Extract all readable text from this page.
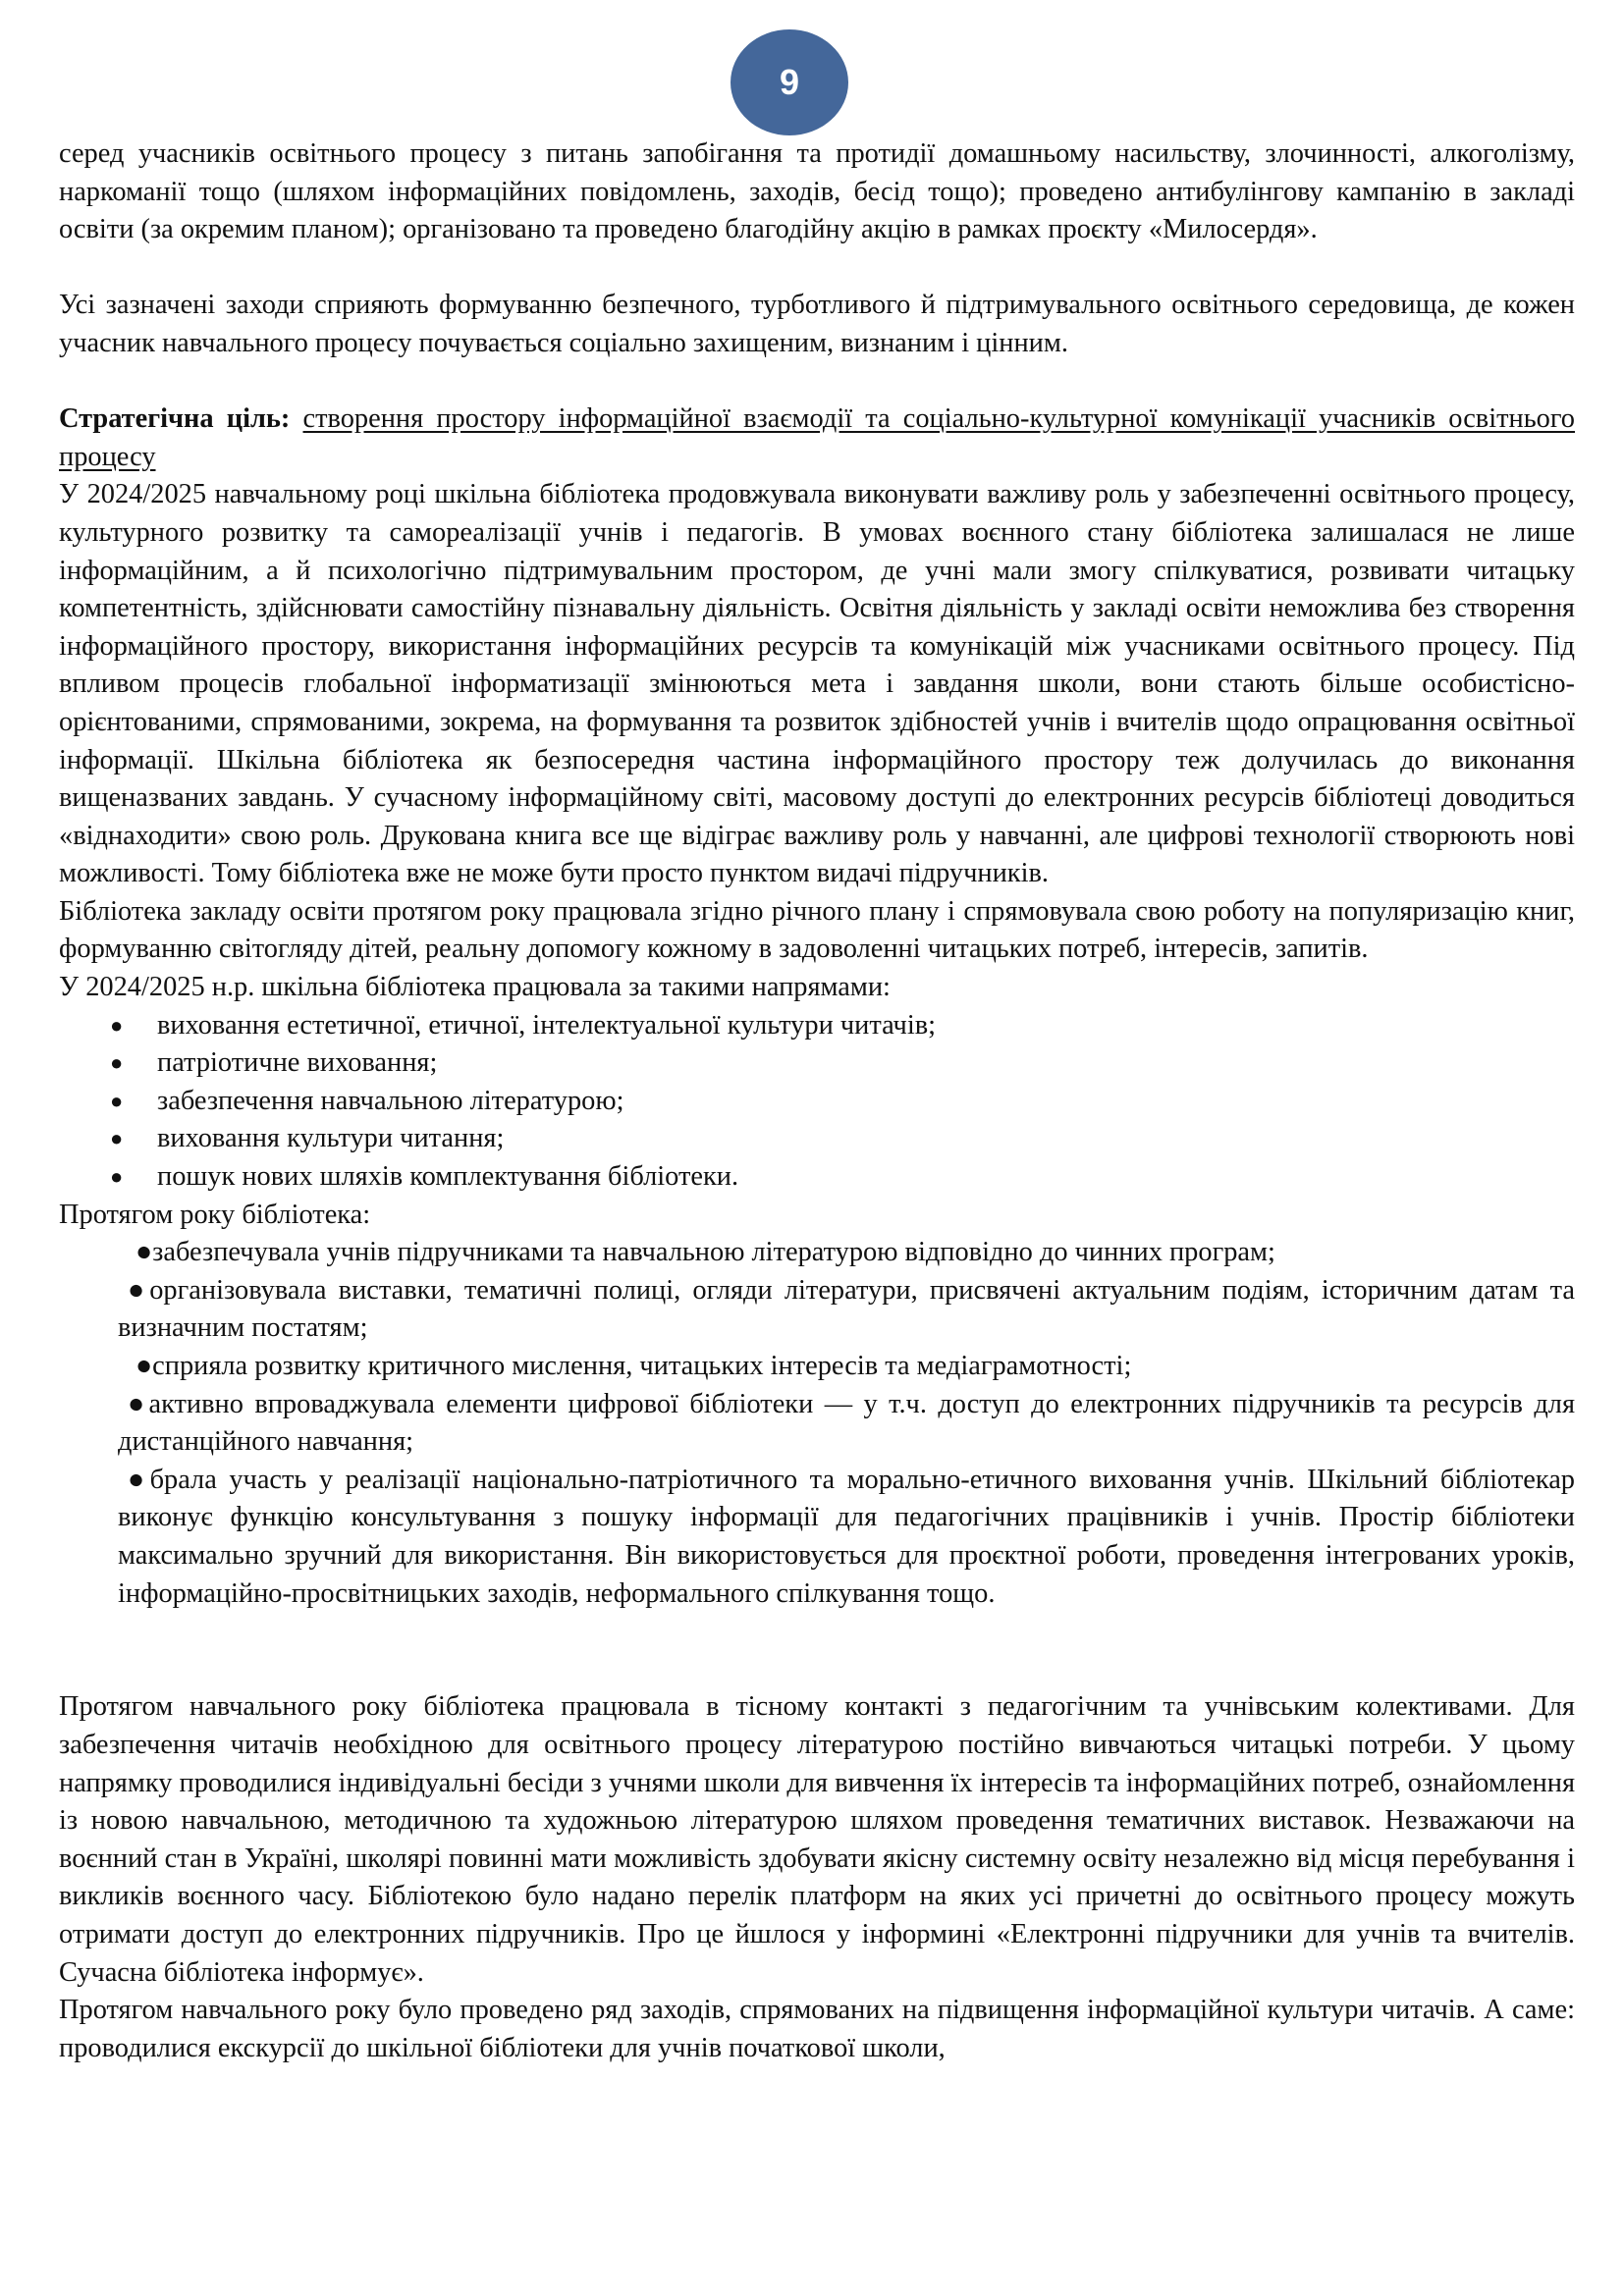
9

серед учасників освітнього процесу з питань запобігання та протидії домашньому насильству, злочинності, алкоголізму, наркоманії тощо (шляхом інформаційних повідомлень, заходів, бесід тощо); проведено антибулінгову кампанію в закладі освіти (за окремим планом); організовано та проведено благодійну акцію в рамках проєкту «Милосердя».

Усі зазначені заходи сприяють формуванню безпечного, турботливого й підтримувального освітнього середовища, де кожен учасник навчального процесу почувається соціально захищеним, визнаним і цінним.

Стратегічна ціль: створення простору інформаційної взаємодії та соціально-культурної комунікації учасників освітнього процесу

У 2024/2025 навчальному році шкільна бібліотека продовжувала виконувати важливу роль у забезпеченні освітнього процесу, культурного розвитку та самореалізації учнів і педагогів. В умовах воєнного стану бібліотека залишалася не лише інформаційним, а й психологічно підтримувальним простором, де учні мали змогу спілкуватися, розвивати читацьку компетентність, здійснювати самостійну пізнавальну діяльність. Освітня діяльність у закладі освіти неможлива без створення інформаційного простору, використання інформаційних ресурсів та комунікацій між учасниками освітнього процесу. Під впливом процесів глобальної інформатизації змінюються мета і завдання школи, вони стають більше особистісно-орієнтованими, спрямованими, зокрема, на формування та розвиток здібностей учнів і вчителів щодо опрацювання освітньої інформації. Шкільна бібліотека як безпосередня частина інформаційного простору теж долучилась до виконання вищеназваних завдань. У сучасному інформаційному світі, масовому доступі до електронних ресурсів бібліотеці доводиться «віднаходити» свою роль. Друкована книга все ще відіграє важливу роль у навчанні, але цифрові технології створюють нові можливості. Тому бібліотека вже не може бути просто пунктом видачі підручників.

Бібліотека закладу освіти протягом року працювала згідно річного плану і спрямовувала свою роботу на популяризацію книг, формуванню світогляду дітей, реальну допомогу кожному в задоволенні читацьких потреб, інтересів, запитів.

У 2024/2025 н.р. шкільна бібліотека працювала за такими напрямами:

● виховання естетичної, етичної, інтелектуальної культури читачів;
● патріотичне виховання;
● забезпечення навчальною літературою;
● виховання культури читання;
● пошук нових шляхів комплектування бібліотеки.

Протягом року бібліотека:

●забезпечувала учнів підручниками та навчальною літературою відповідно до чинних програм;
●організовувала виставки, тематичні полиці, огляди літератури, присвячені актуальним подіям, історичним датам та визначним постатям;
●сприяла розвитку критичного мислення, читацьких інтересів та медіаграмотності;
●активно впроваджувала елементи цифрової бібліотеки — у т.ч. доступ до електронних підручників та ресурсів для дистанційного навчання;
●брала участь у реалізації національно-патріотичного та морально-етичного виховання учнів. Шкільний бібліотекар виконує функцію консультування з пошуку інформації для педагогічних працівників і учнів. Простір бібліотеки максимально зручний для використання. Він використовується для проєктної роботи, проведення інтегрованих уроків, інформаційно-просвітницьких заходів, неформального спілкування тощо.

Протягом навчального року бібліотека працювала в тісному контакті з педагогічним та учнівським колективами. Для забезпечення читачів необхідною для освітнього процесу літературою постійно вивчаються читацькі потреби. У цьому напрямку проводилися індивідуальні бесіди з учнями школи для вивчення їх інтересів та інформаційних потреб, ознайомлення із новою навчальною, методичною та художньою літературою шляхом проведення тематичних виставок. Незважаючи на воєнний стан в Україні, школярі повинні мати можливість здобувати якісну системну освіту незалежно від місця перебування і викликів воєнного часу. Бібліотекою було надано перелік платформ на яких усі причетні до освітнього процесу можуть отримати доступ до електронних підручників. Про це йшлося у інформині «Електронні підручники для учнів та вчителів. Сучасна бібліотека інформує».

Протягом навчального року було проведено ряд заходів, спрямованих на підвищення інформаційної культури читачів. А саме: проводилися екскурсії до шкільної бібліотеки для учнів початкової школи,
